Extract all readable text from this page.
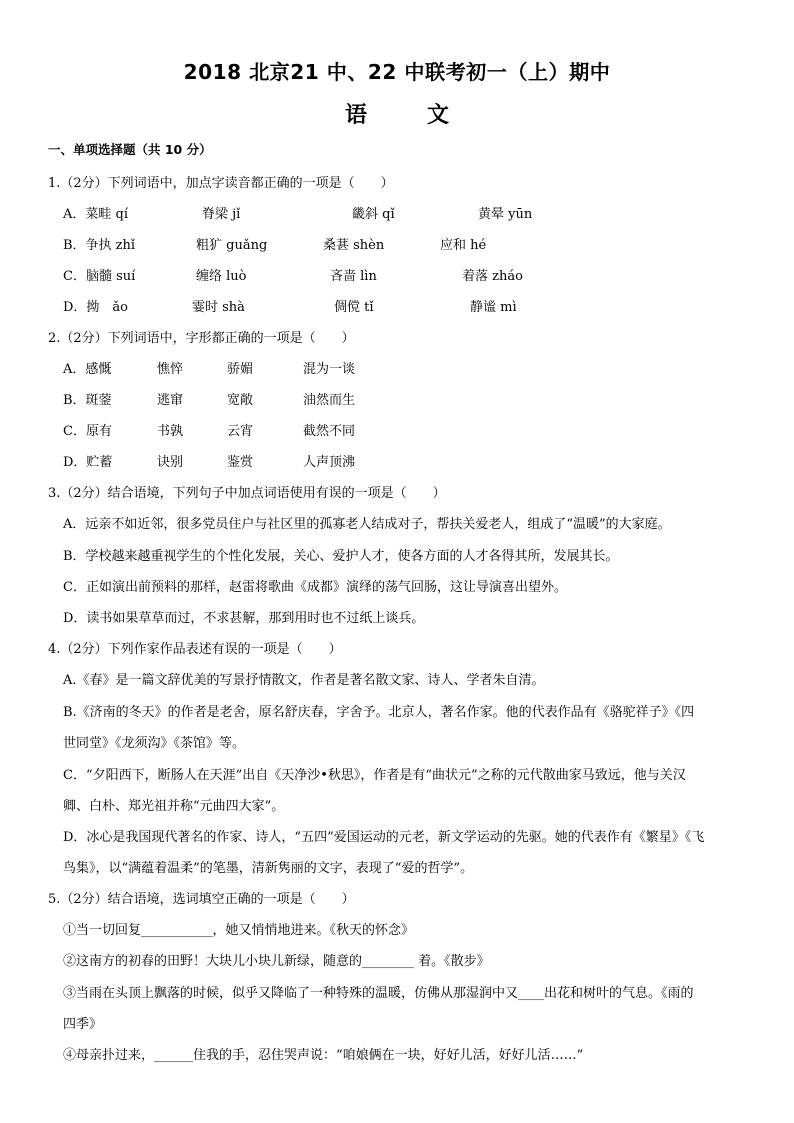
2018 北京21 中、22 中联考初一（上）期中
语	文
一、单项选择题（共 10 分）
1.（2分）下列词语中，加点字读音都正确的一项是（　　）
A．菜畦 qí	脊梁 jǐ	畿斜 qǐ	黄晕 yūn
B．争执 zhǐ	粗犷 guǎng	桑葚 shèn	应和 hé
C．脑髓 suí	缠络 luò	吝啬 lìn	着落 zháo
D．拗　ǎo	霎时 shà	倜傥 tǐ	静谧 mì
2.（2分）下列词语中，字形都正确的一项是（　　）
A．感慨	憔悴	骄媚	混为一谈
B．斑蓥	逃窜	宽敞	油然而生
C．原有	书孰	云宵	截然不同
D．贮蓄	诀别	鉴赏	人声顶沸
3.（2分）结合语境，下列句子中加点词语使用有误的一项是（　　）
A．远亲不如近邻，很多党员住户与社区里的孤寡老人结成对子，帮扶关爱老人，组成了“温暖”的大家庭。
B．学校越来越重视学生的个性化发展，关心、爱护人才，使各方面的人才各得其所，发展其长。
C．正如演出前预料的那样，赵雷将歌曲《成都》演绎的荡气回肠，这让导演喜出望外。
D．读书如果草草而过，不求甚解，那到用时也不过纸上谈兵。
4.（2分）下列作家作品表述有误的一项是（　　）
A.《春》是一篇文辞优美的写景抒情散文，作者是著名散文家、诗人、学者朱自清。
B.《济南的冬天》的作者是老舍，原名舒庆春，字舍予。北京人，著名作家。他的代表作品有《骆驼祥子》《四
世同堂》《龙须沟》《茶馆》等。
C．“夕阳西下，断肠人在天涯”出自《天净沙•秋思》，作者是有“曲状元”之称的元代散曲家马致远，他与关汉
卿、白朴、郑光祖并称“元曲四大家”。
D．冰心是我国现代著名的作家、诗人，“五四”爱国运动的元老，新文学运动的先驱。她的代表作有《繁星》《飞
鸟集》，以“满蕴着温柔”的笔墨，清新隽丽的文字，表现了“爱的哲学”。
5.（2分）结合语境，选词填空正确的一项是（　　）
①当一切回复___________，她又悄悄地进来。《秋天的怀念》
②这南方的初春的田野！大块儿小块儿新绿，随意的________ 着。《散步》
③当雨在头顶上飘落的时候，似乎又降临了一种特殊的温暖，仿佛从那湿润中又____出花和树叶的气息。《雨的
四季》
④母亲扑过来，______住我的手，忍住哭声说：“咱娘俩在一块，好好儿活，好好儿活……”
